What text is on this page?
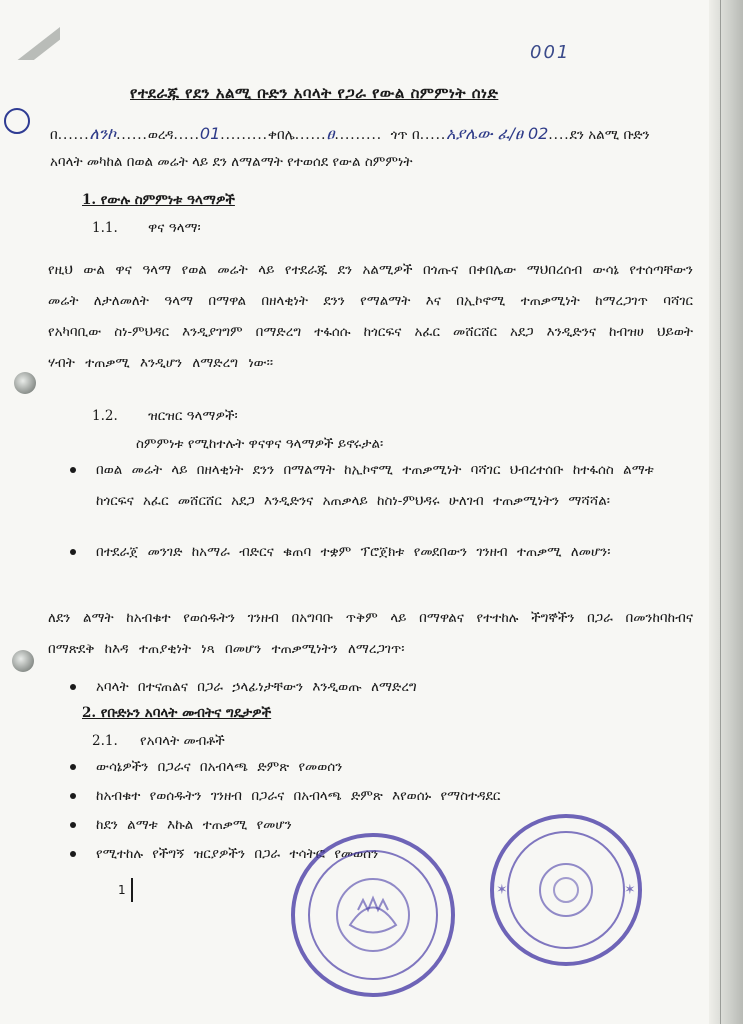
001
የተደራጁ የደን አልሚ ቡድን አባላት የጋራ የውል ስምምነት ሰነድ
በ......ለንኮ......ወረዳ.....01.........ቀበሌ......ፀ......... ጎጥ በ.....አያሌው ፈ/ፀ 02....ደን አልሚ ቡድን
አባላት መካከል በወል መሬት ላይ ደን ለማልማት የተወሰደ የውል ስምምነት
1. የውሉ ስምምነቱ ዓላማዎች
1.1. ዋና ዓላማ፡
የዚህ ውል ዋና ዓላማ የወል መሬት ላይ የተደራጁ ደን አልሚዎች በጎጡና በቀበሌው ማህበረሰብ ውሳኔ የተሰጣቸውን መሬት ለታለመለት ዓላማ በማዋል በዘላቂነት ደንን የማልማት እና በኢኮኖሚ ተጠቃሚነት ከማረጋገጥ ባሻገር የአካባቢው ስነ-ምህዳር እንዲያገግም በማድረግ ተፋሰሱ ከጎርፍና አፈር መሸርሸር አደጋ እንዲድንና ከብዝሀ ህይወት ሃብት ተጠቃሚ እንዲሆን ለማድረግ ነው፡፡
1.2. ዝርዝር ዓላማዎች፡
ስምምነቱ የሚከተሉት ዋናዋና ዓላማዎች ይኖሩታል፡
በወል መሬት ላይ በዘላቂነት ደንን በማልማት ከኢኮኖሚ ተጠቃሚነት ባሻገር ህብረተሰቡ ከተፋሰስ ልማቱ ከጎርፍና አፈር መሸርሸር አደጋ እንዲድንና አጠቃላይ ከስነ-ምህዳሩ ሁለገብ ተጠቃሚነትን ማሻሻል፡
በተደራጀ መንገድ ከአማራ ብድርና ቁጠባ ተቋም ፕሮጀክቱ የመደበውን ገንዘብ ተጠቃሚ ለመሆን፡
ለደን ልማት ከአብቁተ የወሰዱትን ገንዘብ በአግባቡ ጥቅም ላይ በማዋልና የተተከሉ ችግኞችን በጋራ በመንከባከብና በማጽደቅ ከእዳ ተጠያቂነት ነጻ በመሆን ተጠቃሚነትን ለማረጋገጥ፡
አባላት በተናጠልና በጋራ ኃላፊነታቸውን እንዲወጡ ለማድረግ
2. የቡድኑን አባላት መብትና ግዴታዎች
2.1. የአባላት መብቶች
ውሳኔዎችን በጋራና በአብላጫ ድምጽ የመወሰን
ከአብቁተ የወሰዱትን ገንዘብ በጋራና በአብላጫ ድምጽ እየወሰኑ የማስተዳደር
ከደን ልማቱ እኩል ተጠቃሚ የመሆን
የሚተከሉ የችግኝ ዝርያዎችን በጋራ ተሳትፎ የመወሰን
1	✶	✶
